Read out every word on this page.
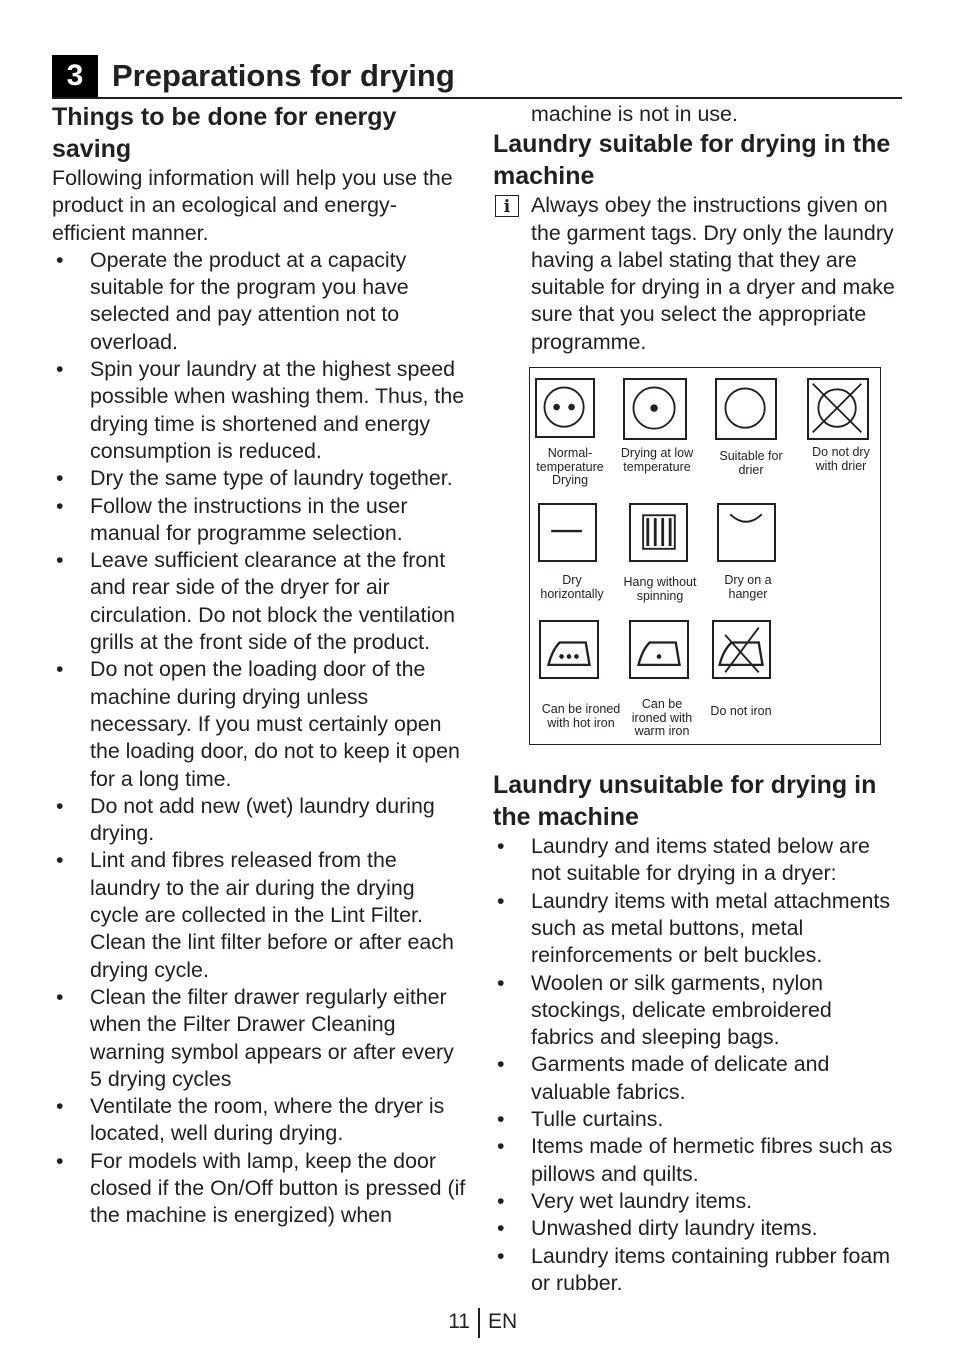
3 Preparations for drying
Things to be done for energy saving

Following information will help you use the product in an ecological and energy-efficient manner.

• Operate the product at a capacity suitable for the program you have selected and pay attention not to overload.
• Spin your laundry at the highest speed possible when washing them. Thus, the drying time is shortened and energy consumption is reduced.
• Dry the same type of laundry together.
• Follow the instructions in the user manual for programme selection.
• Leave sufficient clearance at the front and rear side of the dryer for air circulation. Do not block the ventilation grills at the front side of the product.
• Do not open the loading door of the machine during drying unless necessary. If you must certainly open the loading door, do not to keep it open for a long time.
• Do not add new (wet) laundry during drying.
• Lint and fibres released from the laundry to the air during the drying cycle are collected in the Lint Filter. Clean the lint filter before or after each drying cycle.
• Clean the filter drawer regularly either when the Filter Drawer Cleaning warning symbol appears or after every 5 drying cycles
• Ventilate the room, where the dryer is located, well during drying.
• For models with lamp, keep the door closed if the On/Off button is pressed (if the machine is energized) when

machine is not in use.

Laundry suitable for drying in the machine
i Always obey the instructions given on the garment tags. Dry only the laundry having a label stating that they are suitable for drying in a dryer and make sure that you select the appropriate programme.
Laundry unsuitable for drying in the machine
• Laundry and items stated below are not suitable for drying in a dryer:
• Laundry items with metal attachments such as metal buttons, metal reinforcements or belt buckles.
• Woolen or silk garments, nylon stockings, delicate embroidered fabrics and sleeping bags.
• Garments made of delicate and valuable fabrics.
• Tulle curtains.
• Items made of hermetic fibres such as pillows and quilts.
• Very wet laundry items.
• Unwashed dirty laundry items.
• Laundry items containing rubber foam or rubber.
Normal-temperature Drying
Drying at low temperature
Suitable for drier
Do not dry with drier
Dry horizontally
Hang without spinning
Dry on a hanger
Can be ironed with hot iron
Can be ironed with warm iron
Do not iron
11 EN
